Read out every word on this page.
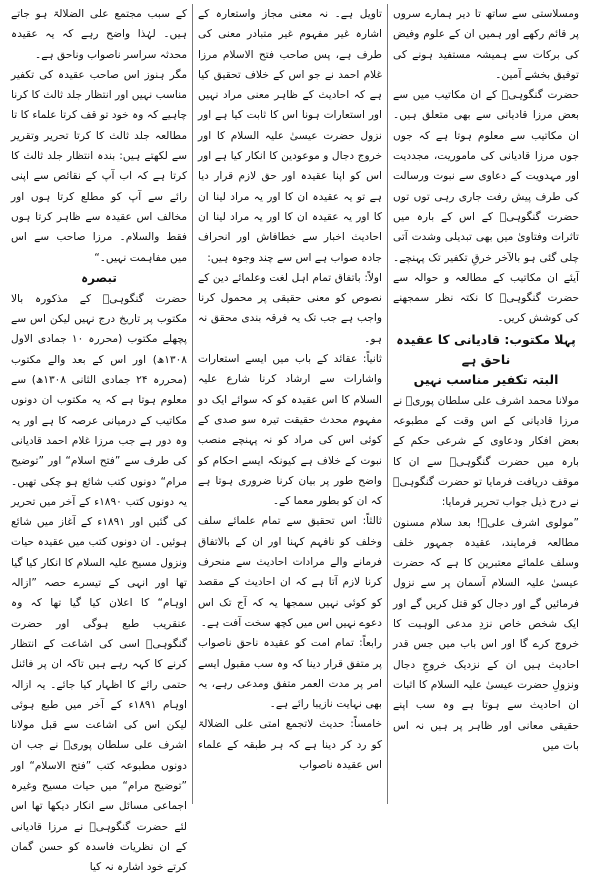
ومسلاستی سے ساتھ تا دیر ہمارے سروں پر قائم رکھے اور ہمیں ان کے علوم وفیض کی برکات سے ہمیشہ مستفید ہونے کی توفیق بخشے آمین۔

حضرت گنگوہیؒ کے ان مکاتیب میں سے بعض مرزا قادیانی سے بھی متعلق ہیں۔ ان مکاتیب سے معلوم ہوتا ہے کہ جوں جوں مرزا قادیانی کی ماموریت، مجددیت اور مہدویت کے دعاوی سے نبوت ورسالت کی طرف پیش رفت جاری رہی توں توں حضرت گنگوہیؒ کے اس کے بارہ میں تاثرات وفتاویٰ میں بھی تبدیلی وشدت آتی چلی گئی ہو بالآخر خرقِ تکفیر تک پہنچے۔ آیئے ان مکاتیب کے مطالعہ و حوالہ سے حضرت گنگوہیؒ کا نکتہ نظر سمجھنے کی کوشش کریں۔

پہلا مکتوب: قادیانی کا عقیدہ ناحق ہے
البتہ تکفیر مناسب نہیں

مولانا محمد اشرف علی سلطان پوریؒ نے مرزا قادیانی کے اس وقت کے مطبوعہ بعض افکار ودعاوی کے شرعی حکم کے بارہ میں حضرت گنگوہیؒ سے ان کا موقف دریافت فرمایا تو حضرت گنگوہیؒ نے درج ذیل جواب تحریر فرمایا:

”مولوی اشرف علیؒ! بعد سلام مسنون مطالعہ فرمایند، عقیدہ جمہور خلف وسلف علمائے معتبرین کا ہے کہ حضرت عیسیٰ علیہ السلام آسمان پر سے نزول فرمائیں گے اور دجال کو قتل کریں گے اور ایک شخص خاص نزدِ مدعی الوہیت کا خروج کرے گا اور اس باب میں جس قدر احادیث ہیں ان کے نزدیک خروجِ دجال ونزولِ حضرت عیسیٰ علیہ السلام کا اثبات ان احادیث سے ہوتا ہے وہ سب اپنے حقیقی معانی اور ظاہر پر ہیں نہ اس بات میں

تاویل ہے۔ نہ معنی مجاز واستعارہ کے اشارہ غیر مفہوم غیر متبادر معنی کی طرف ہے، پس صاحب فتح الاسلام مرزا غلام احمد نے جو اس کے خلاف تحقیق کیا ہے کہ احادیث کے ظاہر معنی مراد نہیں اور استعارات ہونا اس کا ثابت کیا ہے اور نزول حضرت عیسیٰ علیہ السلام کا اور خروج دجال و موعودین کا انکار کیا ہے اور اس کو اپنا عقیدہ اور حق لازم قرار دیا ہے تو یہ عقیدہ ان کا اور یہ مراد لینا ان کا اور یہ عقیدہ ان کا اور یہ مراد لینا ان احادیث اخبار سے خطافاش اور انحراف جادہ صواب ہے اس سے چند وجوہ ہیں:

اولاً: باتفاق تمام اہل لغت وعلمائے دین کے نصوص کو معنی حقیقی پر محمول کرنا واجب ہے جب تک یہ فرقہ بندی محقق نہ ہو۔

ثانیاً: عقائد کے باب میں ایسے استعارات واشارات سے ارشاد کرنا شارع علیہ السلام کا اس عقیدہ کو کہ سوائے ایک دو مفہوم محدث حقیقت تیرہ سو صدی کے کوئی اس کی مراد کو نہ پہنچے منصب نبوت کے خلاف ہے کیونکہ ایسے احکام کو واضح طور پر بیان کرنا ضروری ہوتا ہے کہ ان کو بطور معما کے۔

ثالثاً: اس تحقیق سے تمام علمائے سلف وخلف کو نافہم کہنا اور ان کے بالاتفاق فرمانے والے مرادات احادیث سے منحرف کرنا لازم آتا ہے کہ ان احادیث کے مقصد کو کوئی نہیں سمجھا یہ کہ آج تک اس دعوے نہیں اس میں کچھ سخت آفت ہے۔

رابعاً: تمام امت کو عقیدہ ناحق ناصواب پر متفق قرار دینا کہ وہ سب مقبول ایسے امر پر مدت العمر متفق ومدعی رہے، یہ بھی نہایت نازیبا رائے ہے۔

خامساً: حدیث لاتجمع امتی علی الضلالۃ کو رد کر دینا ہے کہ ہر طبقہ کے علماء اس عقیدہ ناصواب

کے سبب مجتمع علی الضلالۃ ہو جاتے ہیں۔ لہٰذا واضح رہے کہ یہ عقیدہ محدثہ سراسر ناصواب وناحق ہے۔

مگر ہنوز اس صاحب عقیدہ کی تکفیر مناسب نہیں اور انتظار جلد ثالث کا کرنا چاہیے کہ وہ خود تو قف کرتا علماء کا تا مطالعہ جلد ثالث کا کرتا تحریر وتقریر سے لکھتے ہیں: بندہ انتظار جلد ثالث کا کرتا ہے کہ اب آپ کے نقائص سے اپنی رائے سے آپ کو مطلع کرتا ہوں اور مخالف اس عقیدہ سے ظاہر کرتا ہوں فقط والسلام۔ مرزا صاحب سے اس میں مفاہمت نہیں۔“

تبصرہ

حضرت گنگوہیؒ کے مذکورہ بالا مکتوب پر تاریخ درج نہیں لیکن اس سے پچھلے مکتوب (محررہ ۱۰ جمادی الاول ۱۳۰۸ھ) اور اس کے بعد والے مکتوب (محررہ ۲۴ جمادی الثانی ۱۳۰۸ھ) سے معلوم ہوتا ہے کہ یہ مکتوب ان دونوں مکاتیب کے درمیانی عرصہ کا ہے اور یہ وہ دور ہے جب مرزا غلام احمد قادیانی کی طرف سے ”فتح اسلام“ اور ”توضیح مرام“ دونوں کتب شائع ہو چکی تھیں۔ یہ دونوں کتب ۱۸۹۰ء کے آخر میں تحریر کی گئیں اور ۱۸۹۱ء کے آغاز میں شائع ہوئیں۔ ان دونوں کتب میں عقیدہ حیات ونزول مسیح علیہ السلام کا انکار کیا گیا تھا اور انہی کے تیسرے حصہ ”ازالہ اوہام“ کا اعلان کیا گیا تھا کہ وہ عنقریب طبع ہوگی اور حضرت گنگوہیؒ اسی کی اشاعت کے انتظار کرنے کا کہہ رہے ہیں تاکہ ان پر فائنل حتمی رائے کا اظہار کیا جائے۔ یہ ازالہ اوہام ۱۸۹۱ء کے آخر میں طبع ہوئی لیکن اس کی اشاعت سے قبل مولانا اشرف علی سلطان پوریؒ نے جب ان دونوں مطبوعہ کتب ”فتح الاسلام“ اور ”توضیح مرام“ میں حیات مسیح وغیرہ اجماعی مسائل سے انکار دیکھا تھا اس لئے حضرت گنگوہیؒ نے مرزا قادیانی کے ان نظریات فاسدہ کو حسن گمان کرتے خود اشارہ نہ کیا
